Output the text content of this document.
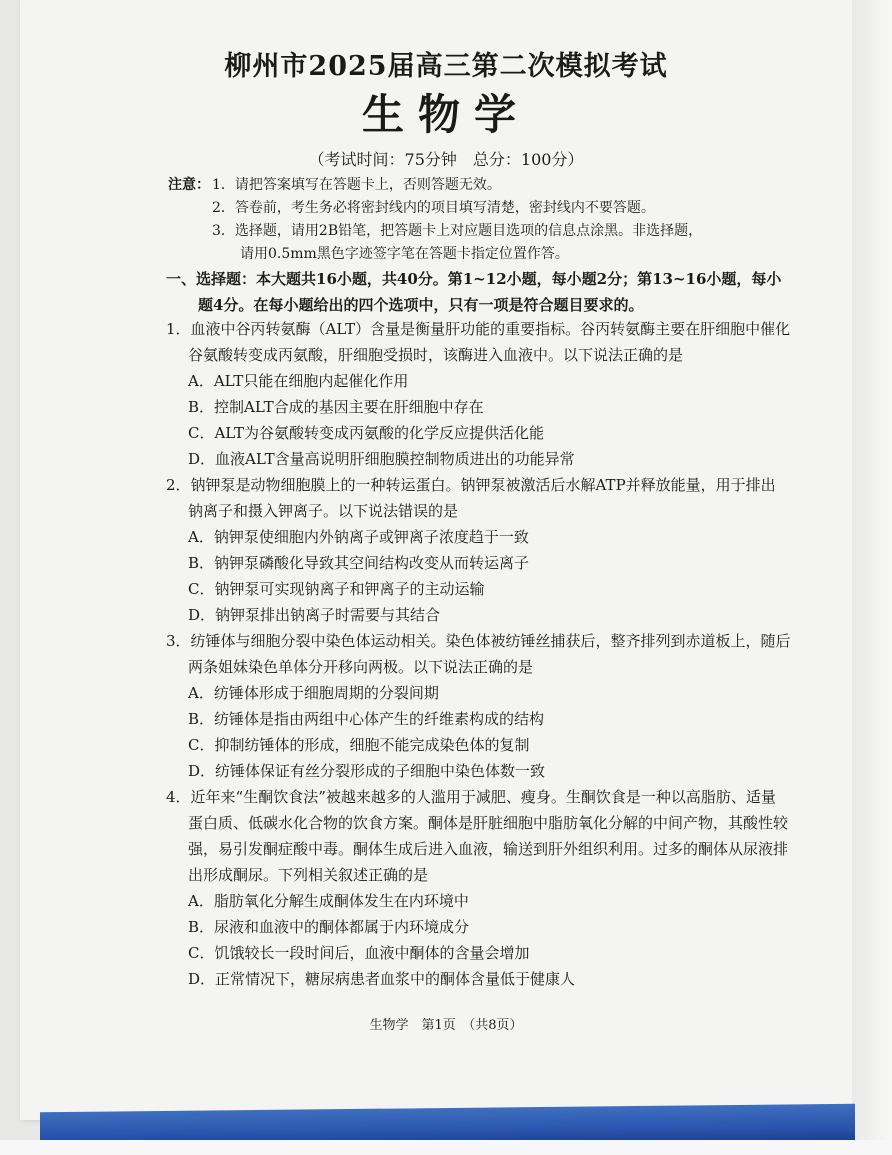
柳州市2025届高三第二次模拟考试
生物学
（考试时间：75分钟　总分：100分）
注意： 1．请把答案填写在答题卡上，否则答题无效。
2．答卷前，考生务必将密封线内的项目填写清楚，密封线内不要答题。
3．选择题，请用2B铅笔，把答题卡上对应题目选项的信息点涂黑。非选择题，
请用0.5mm黑色字迹签字笔在答题卡指定位置作答。
一、选择题：本大题共16小题，共40分。第1~12小题，每小题2分；第13~16小题，每小
题4分。在每小题给出的四个选项中，只有一项是符合题目要求的。
1．血液中谷丙转氨酶（ALT）含量是衡量肝功能的重要指标。谷丙转氨酶主要在肝细胞中催化
谷氨酸转变成丙氨酸，肝细胞受损时，该酶进入血液中。以下说法正确的是
A．ALT只能在细胞内起催化作用
B．控制ALT合成的基因主要在肝细胞中存在
C．ALT为谷氨酸转变成丙氨酸的化学反应提供活化能
D．血液ALT含量高说明肝细胞膜控制物质进出的功能异常
2．钠钾泵是动物细胞膜上的一种转运蛋白。钠钾泵被激活后水解ATP并释放能量，用于排出
钠离子和摄入钾离子。以下说法错误的是
A．钠钾泵使细胞内外钠离子或钾离子浓度趋于一致
B．钠钾泵磷酸化导致其空间结构改变从而转运离子
C．钠钾泵可实现钠离子和钾离子的主动运输
D．钠钾泵排出钠离子时需要与其结合
3．纺锤体与细胞分裂中染色体运动相关。染色体被纺锤丝捕获后，整齐排列到赤道板上，随后
两条姐妹染色单体分开移向两极。以下说法正确的是
A．纺锤体形成于细胞周期的分裂间期
B．纺锤体是指由两组中心体产生的纤维素构成的结构
C．抑制纺锤体的形成，细胞不能完成染色体的复制
D．纺锤体保证有丝分裂形成的子细胞中染色体数一致
4．近年来“生酮饮食法”被越来越多的人滥用于减肥、瘦身。生酮饮食是一种以高脂肪、适量
蛋白质、低碳水化合物的饮食方案。酮体是肝脏细胞中脂肪氧化分解的中间产物，其酸性较
强，易引发酮症酸中毒。酮体生成后进入血液，输送到肝外组织利用。过多的酮体从尿液排
出形成酮尿。下列相关叙述正确的是
A．脂肪氧化分解生成酮体发生在内环境中
B．尿液和血液中的酮体都属于内环境成分
C．饥饿较长一段时间后，血液中酮体的含量会增加
D．正常情况下，糖尿病患者血浆中的酮体含量低于健康人
生物学　第1页　（共8页）
